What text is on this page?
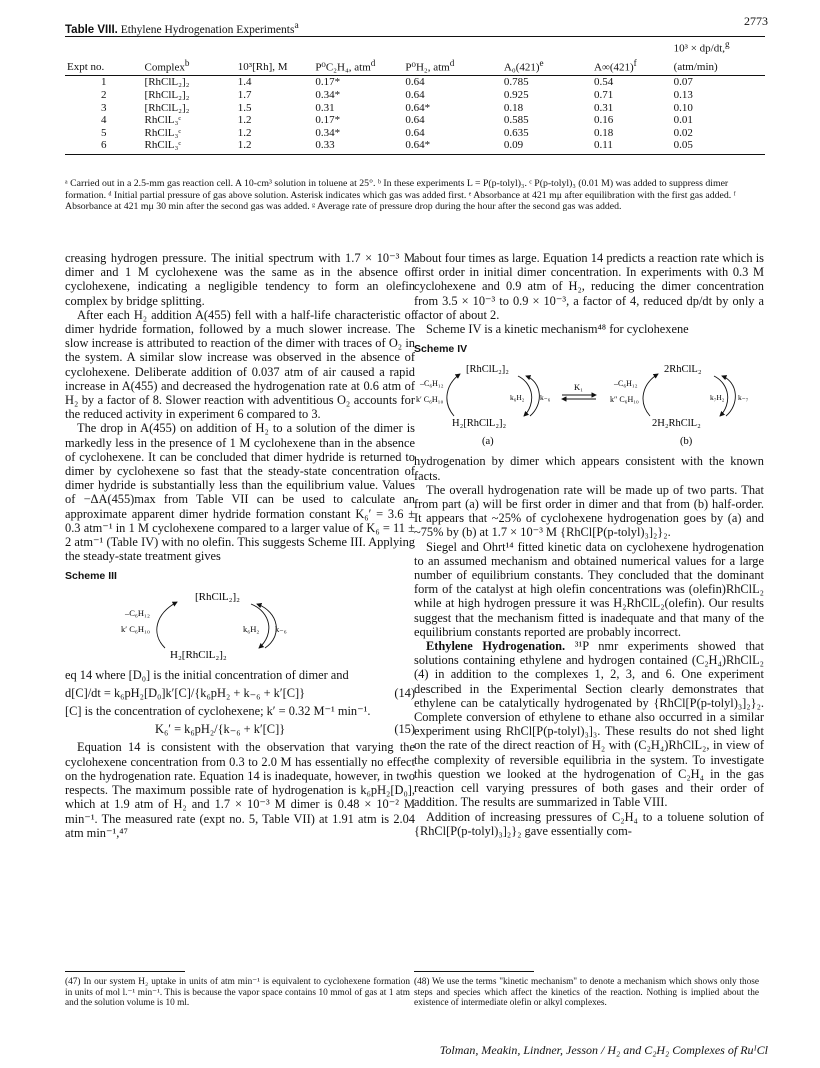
2773
Table VIII. Ethylene Hydrogenation Experiments$^a$
							10³ × dp/dt,$^g$
Expt no.	Complex$^b$	10³[Rh], M	P⁰C₂H₄, atm$^d$	P⁰H₂, atm$^d$	$A_0(421)^e$	$A\infty(421)^f$	(atm/min)
1	[RhClL₂]₂	1.4	0.17*	0.64	0.785	0.54	0.07
2	[RhClL₂]₂	1.7	0.34*	0.64	0.925	0.71	0.13
3	[RhClL₂]₂	1.5	0.31	0.64*	0.18	0.31	0.10
4	RhClL₃ᶜ	1.2	0.17*	0.64	0.585	0.16	0.01
5	RhClL₃ᶜ	1.2	0.34*	0.64	0.635	0.18	0.02
6	RhClL₃ᶜ	1.2	0.33	0.64*	0.09	0.11	0.05
ᵃ Carried out in a 2.5-mm gas reaction cell. A 10-cm³ solution in toluene at 25°. ᵇ In these experiments L = P(p-tolyl)₃. ᶜ P(p-tolyl)₃ (0.01 M) was added to suppress dimer formation. ᵈ Initial partial pressure of gas above solution. Asterisk indicates which gas was added first. ᵉ Absorbance at 421 mμ after equilibration with the first gas added. ᶠ Absorbance at 421 mμ 30 min after the second gas was added. ᵍ Average rate of pressure drop during the hour after the second gas was added.

creasing hydrogen pressure. The initial spectrum with 1.7 × 10⁻³ M dimer and 1 M cyclohexene was the same as in the absence of cyclohexene, indicating a negligible tendency to form an olefin complex by bridge splitting.

After each H₂ addition A(455) fell with a half-life characteristic of dimer hydride formation, followed by a much slower increase. The slow increase is attributed to reaction of the dimer with traces of O₂ in the system. A similar slow increase was observed in the absence of cyclohexene. Deliberate addition of 0.037 atm of air caused a rapid increase in A(455) and decreased the hydrogenation rate at 0.6 atm of H₂ by a factor of 8. Slower reaction with adventitious O₂ accounts for the reduced activity in experiment 6 compared to 3.

The drop in A(455) on addition of H₂ to a solution of the dimer is markedly less in the presence of 1 M cyclohexene than in the absence of cyclohexene. It can be concluded that dimer hydride is returned to dimer by cyclohexene so fast that the steady-state concentration of dimer hydride is substantially less than the equilibrium value. Values of −ΔA(455)max from Table VII can be used to calculate an approximate apparent dimer hydride formation constant K₆′ = 3.6 ± 0.3 atm⁻¹ in 1 M cyclohexene compared to a larger value of K₆ = 11 ± 2 atm⁻¹ (Table IV) with no olefin. This suggests Scheme III. Applying the steady-state treatment gives

Scheme III
[RhClL₂]₂
H₂[RhClL₂]₂
–C₆H₁₂
k′ C₆H₁₀	k₆H₂ k₋₆

eq 14 where [D₀] is the initial concentration of dimer and

d[C]/dt = k₆pH₂[D₀]k′[C]/{k₆pH₂ + k₋₆ + k′[C]}	(14)

[C] is the concentration of cyclohexene; k′ = 0.32 M⁻¹ min⁻¹.

K₆′ = k₆pH₂/{k₋₆ + k′[C]}	(15)

Equation 14 is consistent with the observation that varying the cyclohexene concentration from 0.3 to 2.0 M has essentially no effect on the hydrogenation rate. Equation 14 is inadequate, however, in two respects. The maximum possible rate of hydrogenation is k₆pH₂[D₀], which at 1.9 atm of H₂ and 1.7 × 10⁻³ M dimer is 0.48 × 10⁻² M min⁻¹. The measured rate (expt no. 5, Table VII) at 1.91 atm is 2.04 atm min⁻¹,⁴⁷

about four times as large. Equation 14 predicts a reaction rate which is first order in initial dimer concentration. In experiments with 0.3 M cyclohexene and 0.9 atm of H₂, reducing the dimer concentration from 3.5 × 10⁻³ to 0.9 × 10⁻³, a factor of 4, reduced dp/dt by only a factor of about 2.

Scheme IV is a kinetic mechanism⁴⁸ for cyclohexene

Scheme IV
[RhClL₂]₂
H₂[RhClL₂]₂
–C₆H₁₂
k′ C₆H₁₀	k₆H₂ k₋₆
K₁
2RhClL₂
2H₂RhClL₂
–C₆H₁₂
k″ C₆H₁₀	k₇H₂ k₋₇
(a)	(b)

hydrogenation by dimer which appears consistent with the known facts.

The overall hydrogenation rate will be made up of two parts. That from part (a) will be first order in dimer and that from (b) half-order. It appears that ~25% of cyclohexene hydrogenation goes by (a) and ~75% by (b) at 1.7 × 10⁻³ M {RhCl[P(p-tolyl)₃]₂}₂.

Siegel and Ohrt¹⁴ fitted kinetic data on cyclohexene hydrogenation to an assumed mechanism and obtained numerical values for a large number of equilibrium constants. They concluded that the dominant form of the catalyst at high olefin concentrations was (olefin)RhClL₂ while at high hydrogen pressure it was H₂RhClL₂(olefin). Our results suggest that the mechanism fitted is inadequate and that many of the equilibrium constants reported are probably incorrect.

Ethylene Hydrogenation. ³¹P nmr experiments showed that solutions containing ethylene and hydrogen contained (C₂H₄)RhClL₂ (4) in addition to the complexes 1, 2, 3, and 6. One experiment described in the Experimental Section clearly demonstrates that ethylene can be catalytically hydrogenated by {RhCl[P(p-tolyl)₃]₂}₂. Complete conversion of ethylene to ethane also occurred in a similar experiment using RhCl[P(p-tolyl)₃]₃. These results do not shed light on the rate of the direct reaction of H₂ with (C₂H₄)RhClL₂, in view of the complexity of reversible equilibria in the system. To investigate this question we looked at the hydrogenation of C₂H₄ in the gas reaction cell varying pressures of both gases and their order of addition. The results are summarized in Table VIII.

Addition of increasing pressures of C₂H₄ to a toluene solution of {RhCl[P(p-tolyl)₃]₂}₂ gave essentially com-

(47) In our system H₂ uptake in units of atm min⁻¹ is equivalent to cyclohexene formation in units of mol l.⁻¹ min⁻¹. This is because the vapor space contains 10 mmol of gas at 1 atm and the solution volume is 10 ml.
(48) We use the terms "kinetic mechanism" to denote a mechanism which shows only those steps and species which affect the kinetics of the reaction. Nothing is implied about the existence of intermediate olefin or alkyl complexes.
Tolman, Meakin, Lindner, Jesson / H₂ and C₂H₂ Complexes of RuᴵCl
